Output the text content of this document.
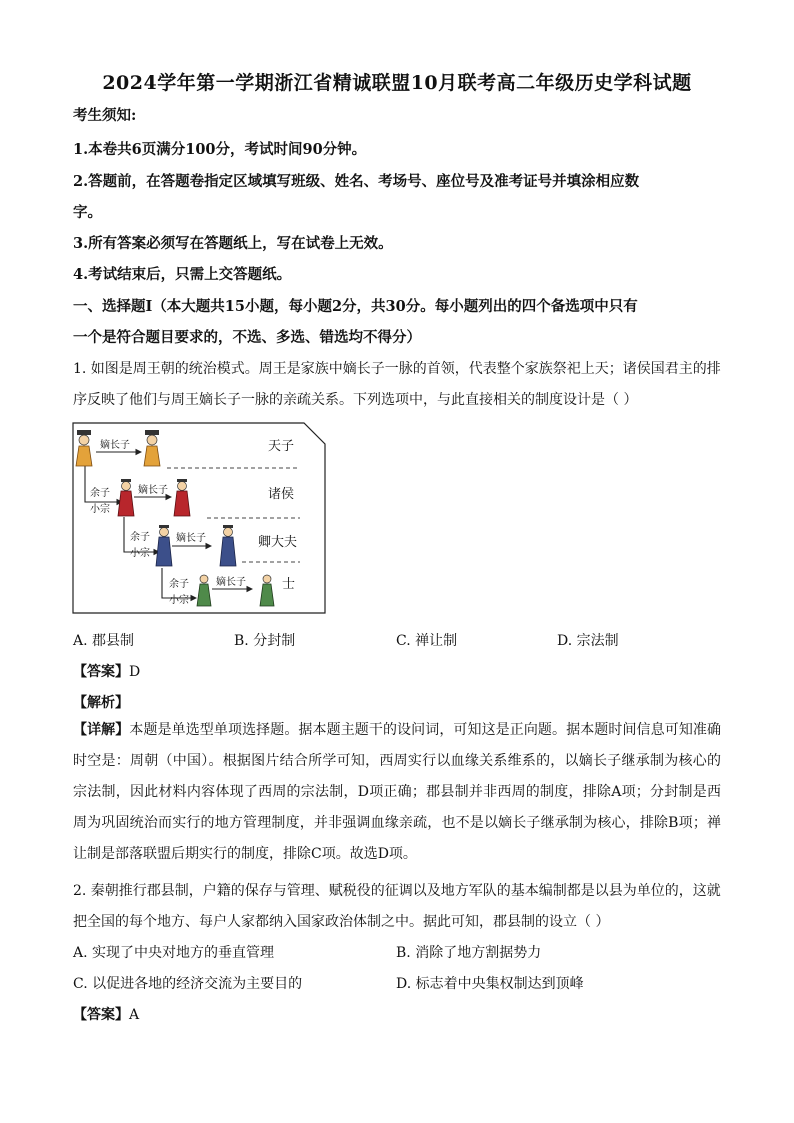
2024学年第一学期浙江省精诚联盟10月联考高二年级历史学科试题
考生须知:
1.本卷共6页满分100分，考试时间90分钟。
2.答题前，在答题卷指定区域填写班级、姓名、考场号、座位号及准考证号并填涂相应数
字。
3.所有答案必须写在答题纸上，写在试卷上无效。
4.考试结束后，只需上交答题纸。
一、选择题Ⅰ（本大题共15小题，每小题2分，共30分。每小题列出的四个备选项中只有
一个是符合题目要求的，不选、多选、错选均不得分）
1. 如图是周王朝的统治模式。周王是家族中嫡长子一脉的首领，代表整个家族祭祀上天；诸侯国君主的排
序反映了他们与周王嫡长子一脉的亲疏关系。下列选项中，与此直接相关的制度设计是（ ）
嫡长子
嫡长子
嫡长子
嫡长子
余子
小宗
余子
小宗
余子
小宗
天子
诸侯
卿大夫
士
A. 郡县制	B. 分封制	C. 禅让制	D. 宗法制
【答案】D
【解析】
【详解】本题是单选型单项选择题。据本题主题干的设问词，可知这是正向题。据本题时间信息可知准确时空是：周朝（中国）。根据图片结合所学可知，西周实行以血缘关系维系的，以嫡长子继承制为核心的宗法制，因此材料内容体现了西周的宗法制，D项正确；郡县制并非西周的制度，排除A项；分封制是西周为巩固统治而实行的地方管理制度，并非强调血缘亲疏，也不是以嫡长子继承制为核心，排除B项；禅让制是部落联盟后期实行的制度，排除C项。故选D项。
2. 秦朝推行郡县制，户籍的保存与管理、赋税役的征调以及地方军队的基本编制都是以县为单位的，这就
把全国的每个地方、每户人家都纳入国家政治体制之中。据此可知，郡县制的设立（ ）
A. 实现了中央对地方的垂直管理	B. 消除了地方割据势力
C. 以促进各地的经济交流为主要目的	D. 标志着中央集权制达到顶峰
【答案】A
